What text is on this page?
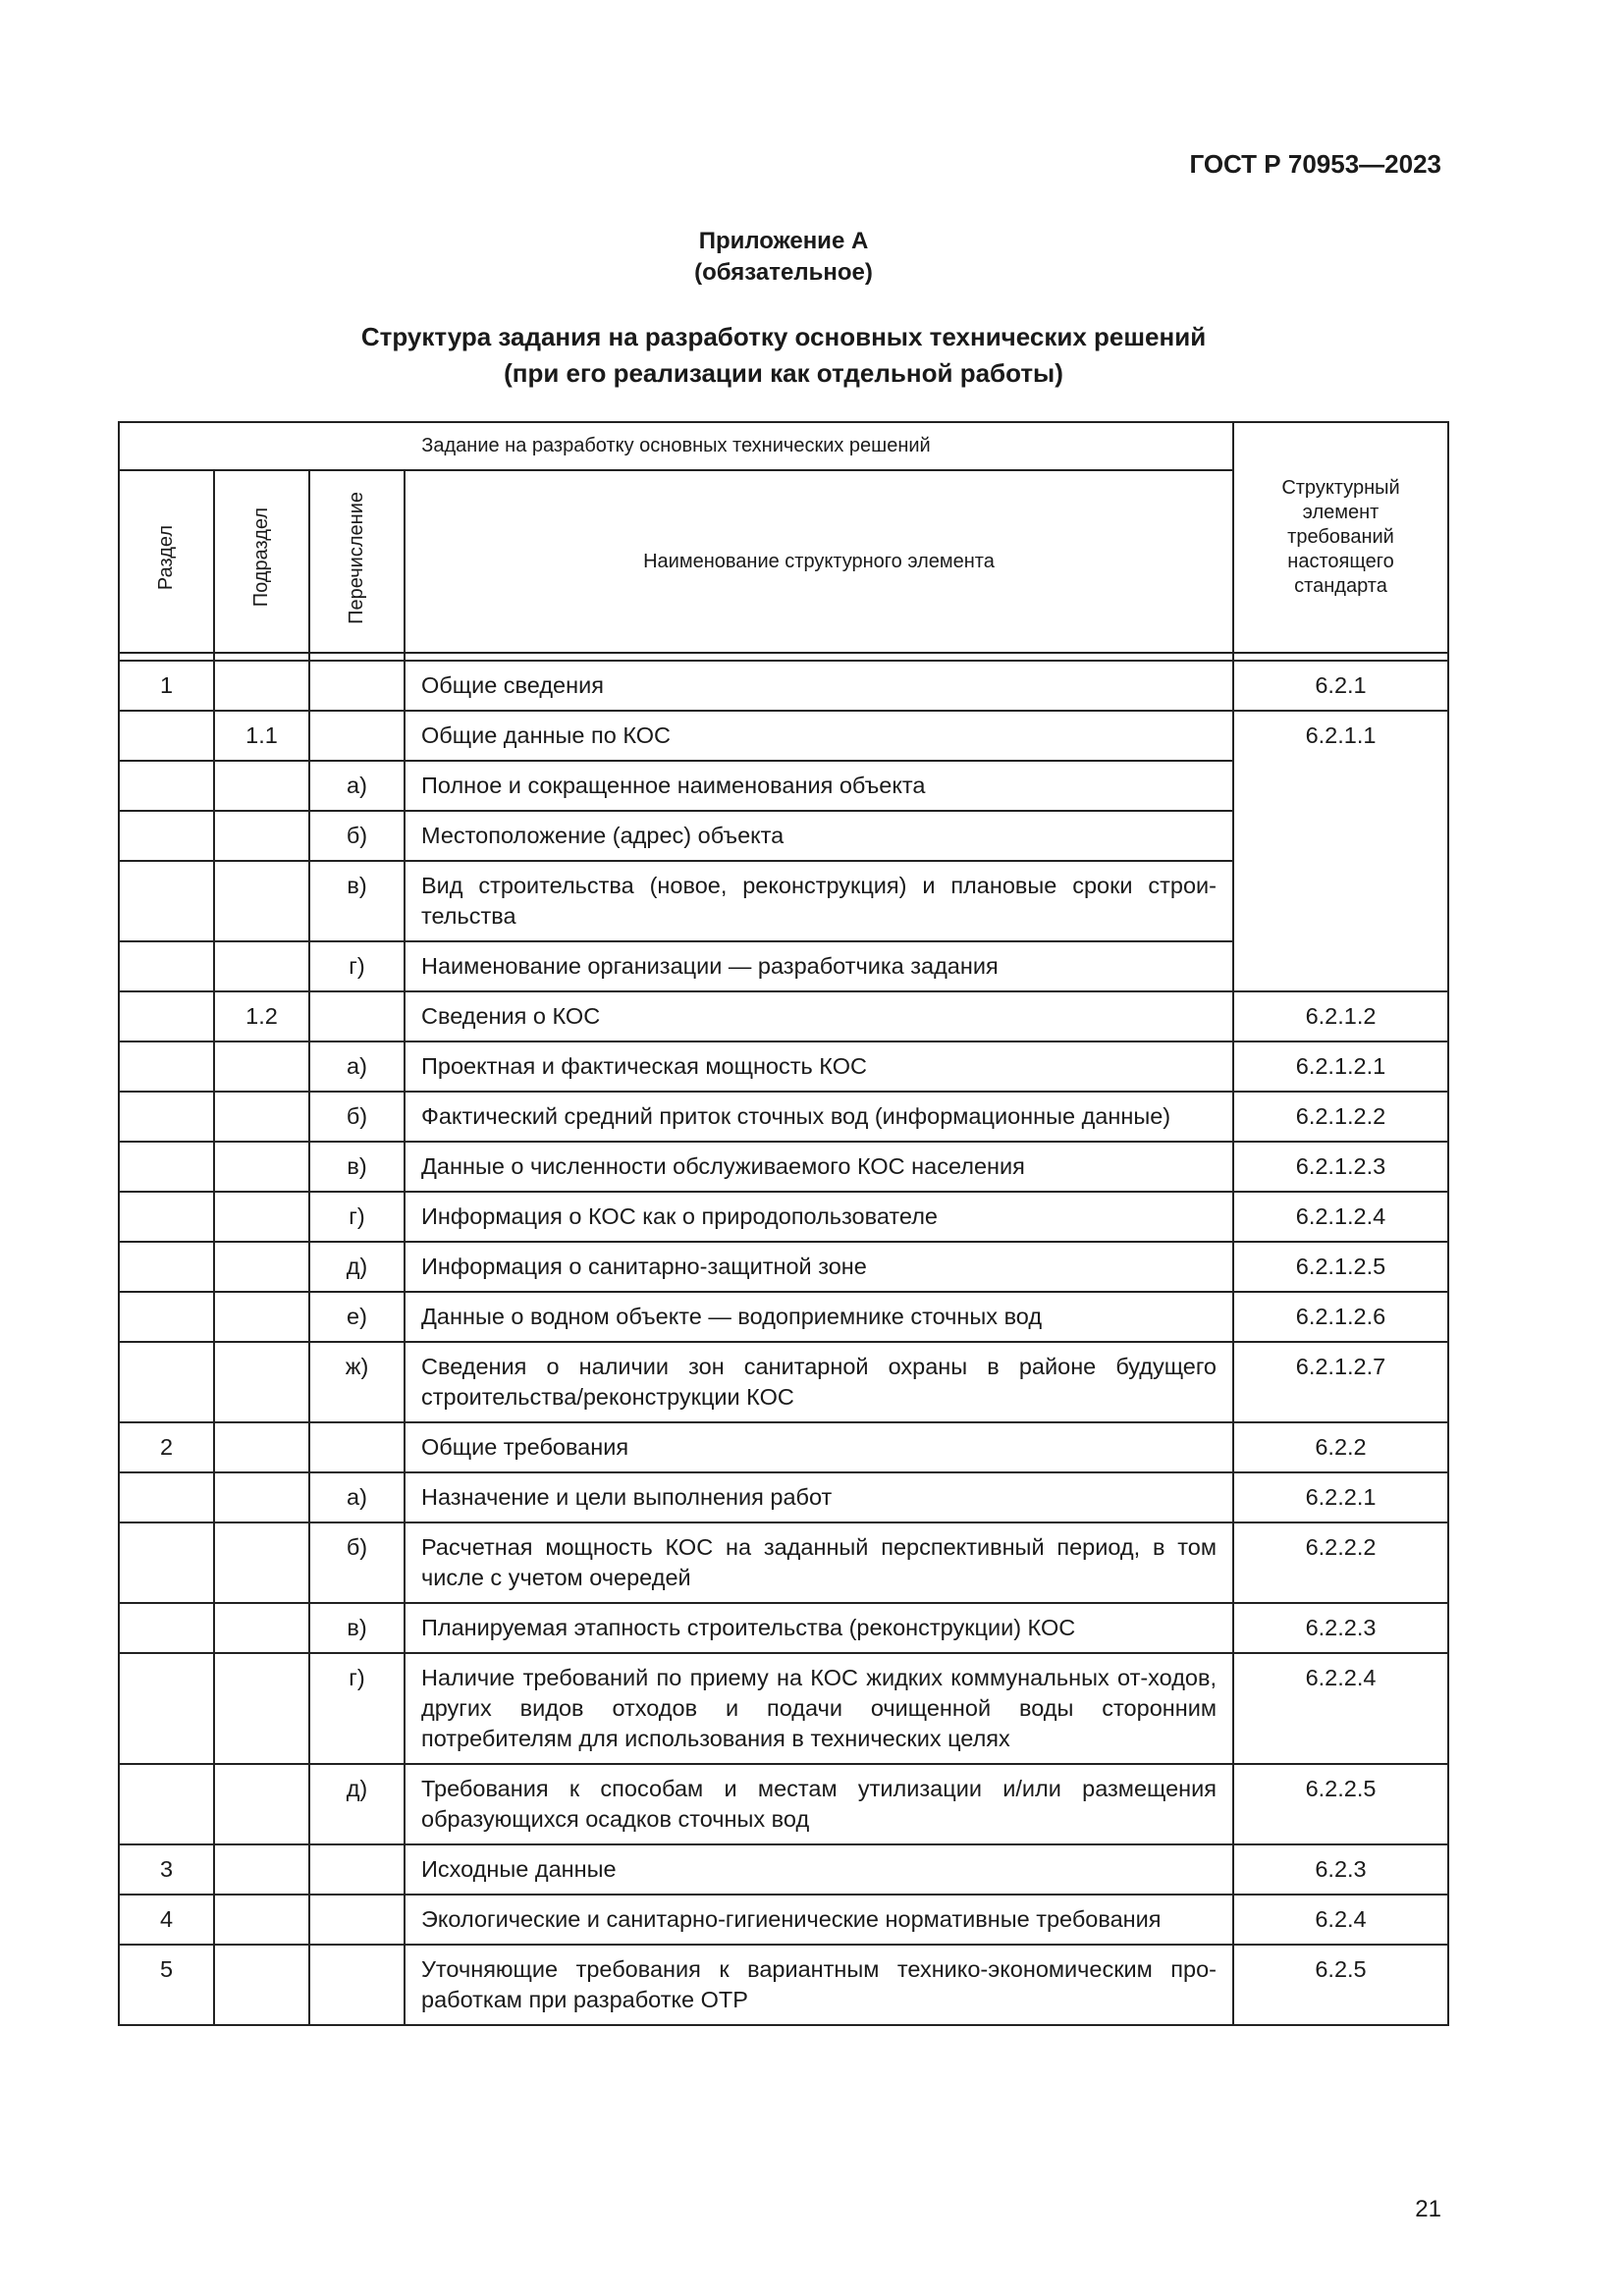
ГОСТ Р 70953—2023
Приложение А
(обязательное)
Структура задания на разработку основных технических решений
(при его реализации как отдельной работы)
Задание на разработку основных технических решений				Структурный элемент требований настоящего стандарта

Раздел	Подраздел	Перечисление	Наименование структурного элемента	

1			Общие сведения	6.2.1
	1.1		Общие данные по КОС	6.2.1.1
		а)	Полное и сокращенное наименования объекта	
		б)	Местоположение (адрес) объекта	
		в)	Вид строительства (новое, реконструкция) и плановые сроки строи-тельства	
		г)	Наименование организации — разработчика задания	
	1.2		Сведения о КОС	6.2.1.2
		а)	Проектная и фактическая мощность КОС	6.2.1.2.1
		б)	Фактический средний приток сточных вод (информационные данные)	6.2.1.2.2
		в)	Данные о численности обслуживаемого КОС населения	6.2.1.2.3
		г)	Информация о КОС как о природопользователе	6.2.1.2.4
		д)	Информация о санитарно-защитной зоне	6.2.1.2.5
		е)	Данные о водном объекте — водоприемнике сточных вод	6.2.1.2.6
		ж)	Сведения о наличии зон санитарной охраны в районе будущего строительства/реконструкции КОС	6.2.1.2.7
2			Общие требования	6.2.2
		а)	Назначение и цели выполнения работ	6.2.2.1
		б)	Расчетная мощность КОС на заданный перспективный период, в том числе с учетом очередей	6.2.2.2
		в)	Планируемая этапность строительства (реконструкции) КОС	6.2.2.3
		г)	Наличие требований по приему на КОС жидких коммунальных от-ходов, других видов отходов и подачи очищенной воды сторонним потребителям для использования в технических целях	6.2.2.4
		д)	Требования к способам и местам утилизации и/или размещения образующихся осадков сточных вод	6.2.2.5
3			Исходные данные	6.2.3
4			Экологические и санитарно-гигиенические нормативные требования	6.2.4
5			Уточняющие требования к вариантным технико-экономическим про-работкам при разработке ОТР	6.2.5
21
